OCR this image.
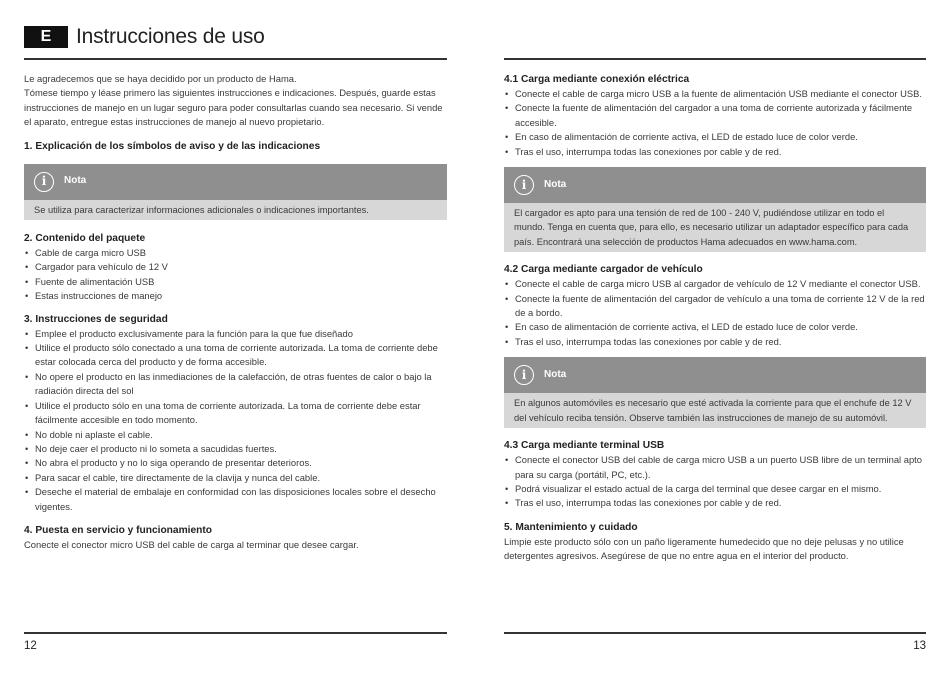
E	Instrucciones de uso

Le agradecemos que se haya decidido por un producto de Hama.

Tómese tiempo y léase primero las siguientes instrucciones e indicaciones. Después, guarde estas instrucciones de manejo en un lugar seguro para poder consultarlas cuando sea necesario. Si vende el aparato, entregue estas instrucciones de manejo al nuevo propietario.

1. Explicación de los símbolos de aviso y de las indicaciones
i	Nota
Se utiliza para caracterizar informaciones adicionales o indicaciones importantes.
2. Contenido del paquete
• Cable de carga micro USB
• Cargador para vehículo de 12 V
• Fuente de alimentación USB
• Estas instrucciones de manejo
3. Instrucciones de seguridad
• Emplee el producto exclusivamente para la función para la que fue diseñado
• Utilice el producto sólo conectado a una toma de corriente autorizada. La toma de corriente debe estar colocada cerca del producto y de forma accesible.
• No opere el producto en las inmediaciones de la calefacción, de otras fuentes de calor o bajo la radiación directa del sol
• Utilice el producto sólo en una toma de corriente autorizada. La toma de corriente debe estar fácilmente accesible en todo momento.
• No doble ni aplaste el cable.
• No deje caer el producto ni lo someta a sacudidas fuertes.
• No abra el producto y no lo siga operando de presentar deterioros.
• Para sacar el cable, tire directamente de la clavija y nunca del cable.
• Deseche el material de embalaje en conformidad con las disposiciones locales sobre el desecho vigentes.
4. Puesta en servicio y funcionamiento

Conecte el conector micro USB del cable de carga al terminar que desee cargar.

12
4.1 Carga mediante conexión eléctrica
• Conecte el cable de carga micro USB a la fuente de alimentación USB mediante el conector USB.
• Conecte la fuente de alimentación del cargador a una toma de corriente autorizada y fácilmente accesible.
• En caso de alimentación de corriente activa, el LED de estado luce de color verde.
• Tras el uso, interrumpa todas las conexiones por cable y de red.
i	Nota
El cargador es apto para una tensión de red de 100 - 240 V, pudiéndose utilizar en todo el mundo. Tenga en cuenta que, para ello, es necesario utilizar un adaptador específico para cada país. Encontrará una selección de productos Hama adecuados en www.hama.com.
4.2 Carga mediante cargador de vehículo
• Conecte el cable de carga micro USB al cargador de vehículo de 12 V mediante el conector USB.
• Conecte la fuente de alimentación del cargador de vehículo a una toma de corriente 12 V de la red de a bordo.
• En caso de alimentación de corriente activa, el LED de estado luce de color verde.
• Tras el uso, interrumpa todas las conexiones por cable y de red.
i	Nota
En algunos automóviles es necesario que esté activada la corriente para que el enchufe de 12 V del vehículo reciba tensión. Observe también las instrucciones de manejo de su automóvil.
4.3 Carga mediante terminal USB
• Conecte el conector USB del cable de carga micro USB a un puerto USB libre de un terminal apto para su carga (portátil, PC, etc.).
• Podrá visualizar el estado actual de la carga del terminal que desee cargar en el mismo.
• Tras el uso, interrumpa todas las conexiones por cable y de red.
5. Mantenimiento y cuidado

Limpie este producto sólo con un paño ligeramente humedecido que no deje pelusas y no utilice detergentes agresivos. Asegúrese de que no entre agua en el interior del producto.

13
